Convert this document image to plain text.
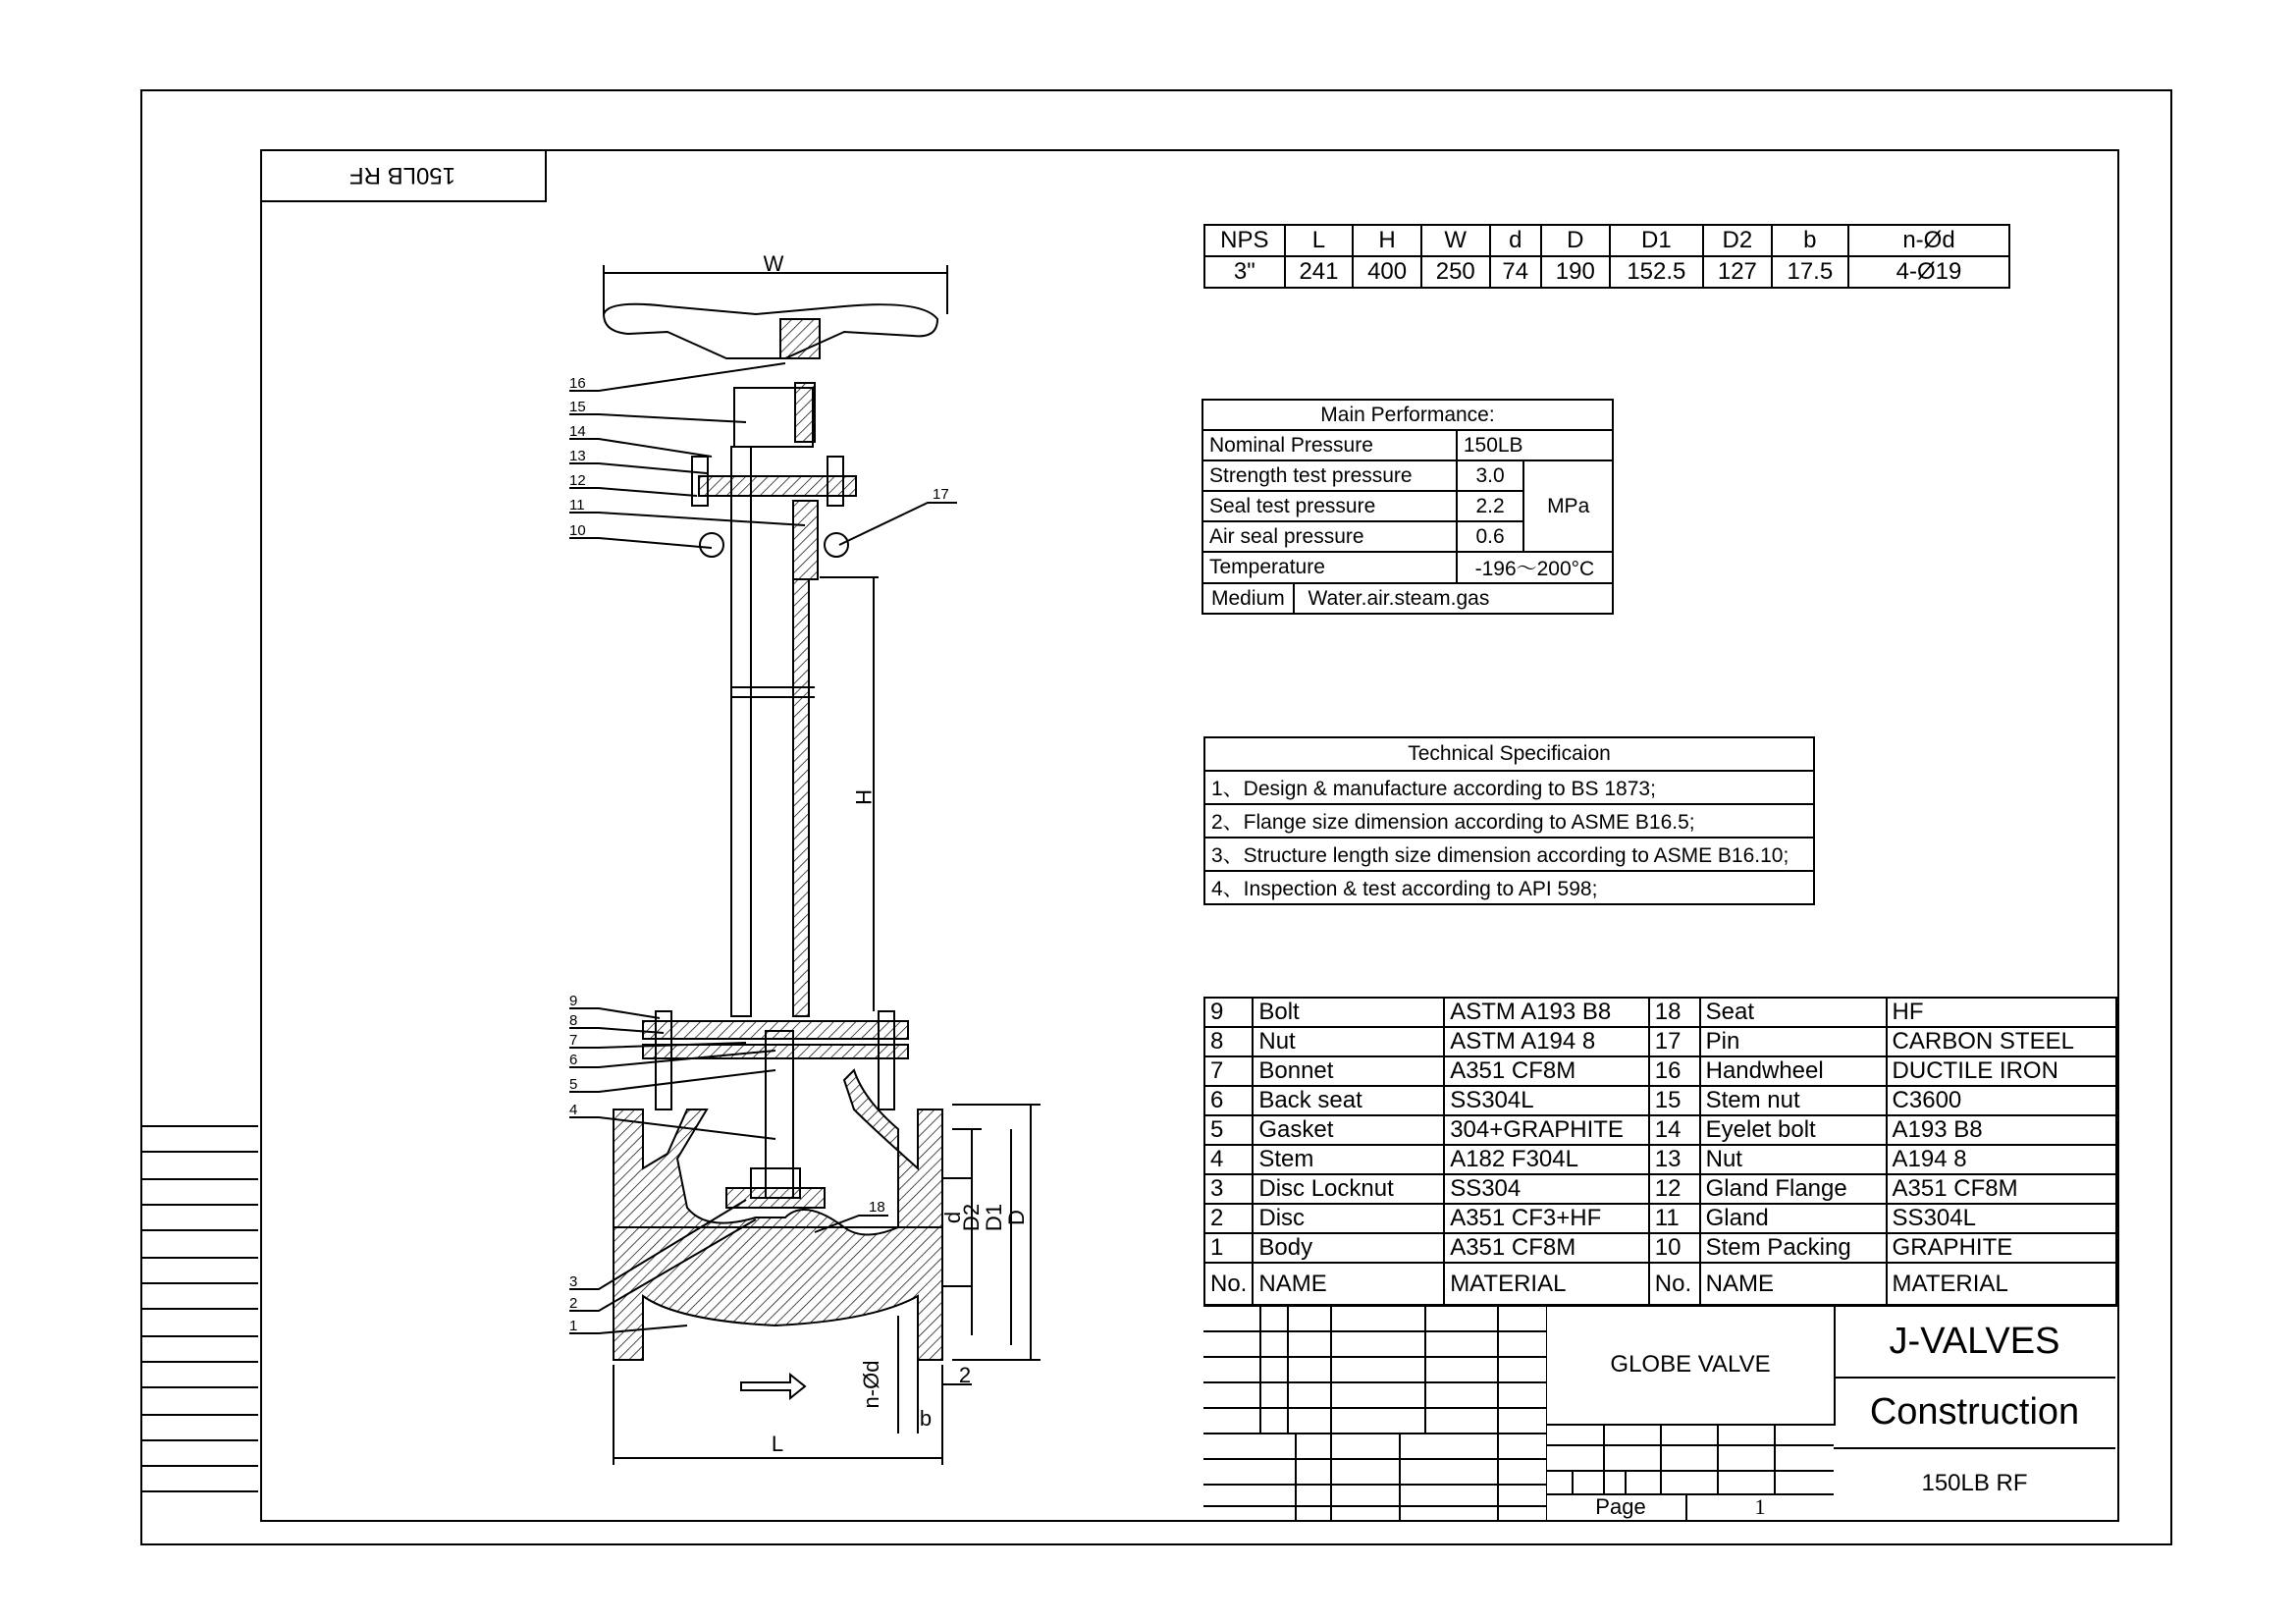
150LB RF
NPS	L	H	W	d	D	D1	D2	b	n-Ød
3"	241	400	250	74	190	152.5	127	17.5	4-Ø19
Main Performance:		
Nominal Pressure	150LB	
Strength test pressure	3.0	MPa
Seal test pressure	2.2	
Air seal pressure	0.6	
Temperature	-196～200°C	
Medium Water.air.steam.gas		
Technical Specificaion
1、Design & manufacture according to BS 1873;
2、Flange size dimension according to ASME B16.5;
3、Structure length size dimension according to ASME B16.10;
4、Inspection & test according to API 598;
9	Bolt	ASTM A193 B8	18	Seat	HF
8	Nut	ASTM A194 8	17	Pin	CARBON STEEL
7	Bonnet	A351 CF8M	16	Handwheel	DUCTILE IRON
6	Back seat	SS304L	15	Stem nut	C3600
5	Gasket	304+GRAPHITE	14	Eyelet bolt	A193 B8
4	Stem	A182 F304L	13	Nut	A194 8
3	Disc Locknut	SS304	12	Gland Flange	A351 CF8M
2	Disc	A351 CF3+HF	11	Gland	SS304L
1	Body	A351 CF8M	10	Stem Packing	GRAPHITE
No.	NAME	MATERIAL	No.	NAME	MATERIAL
GLOBE VALVE
Page	1
J-VALVES
Construction
150LB RF
W
H
L
d
D2
D1
D
n-Ød
b
2
16
15
14
13
12
11
10
17
9
8
7
6
5
4
18
3
2
1
